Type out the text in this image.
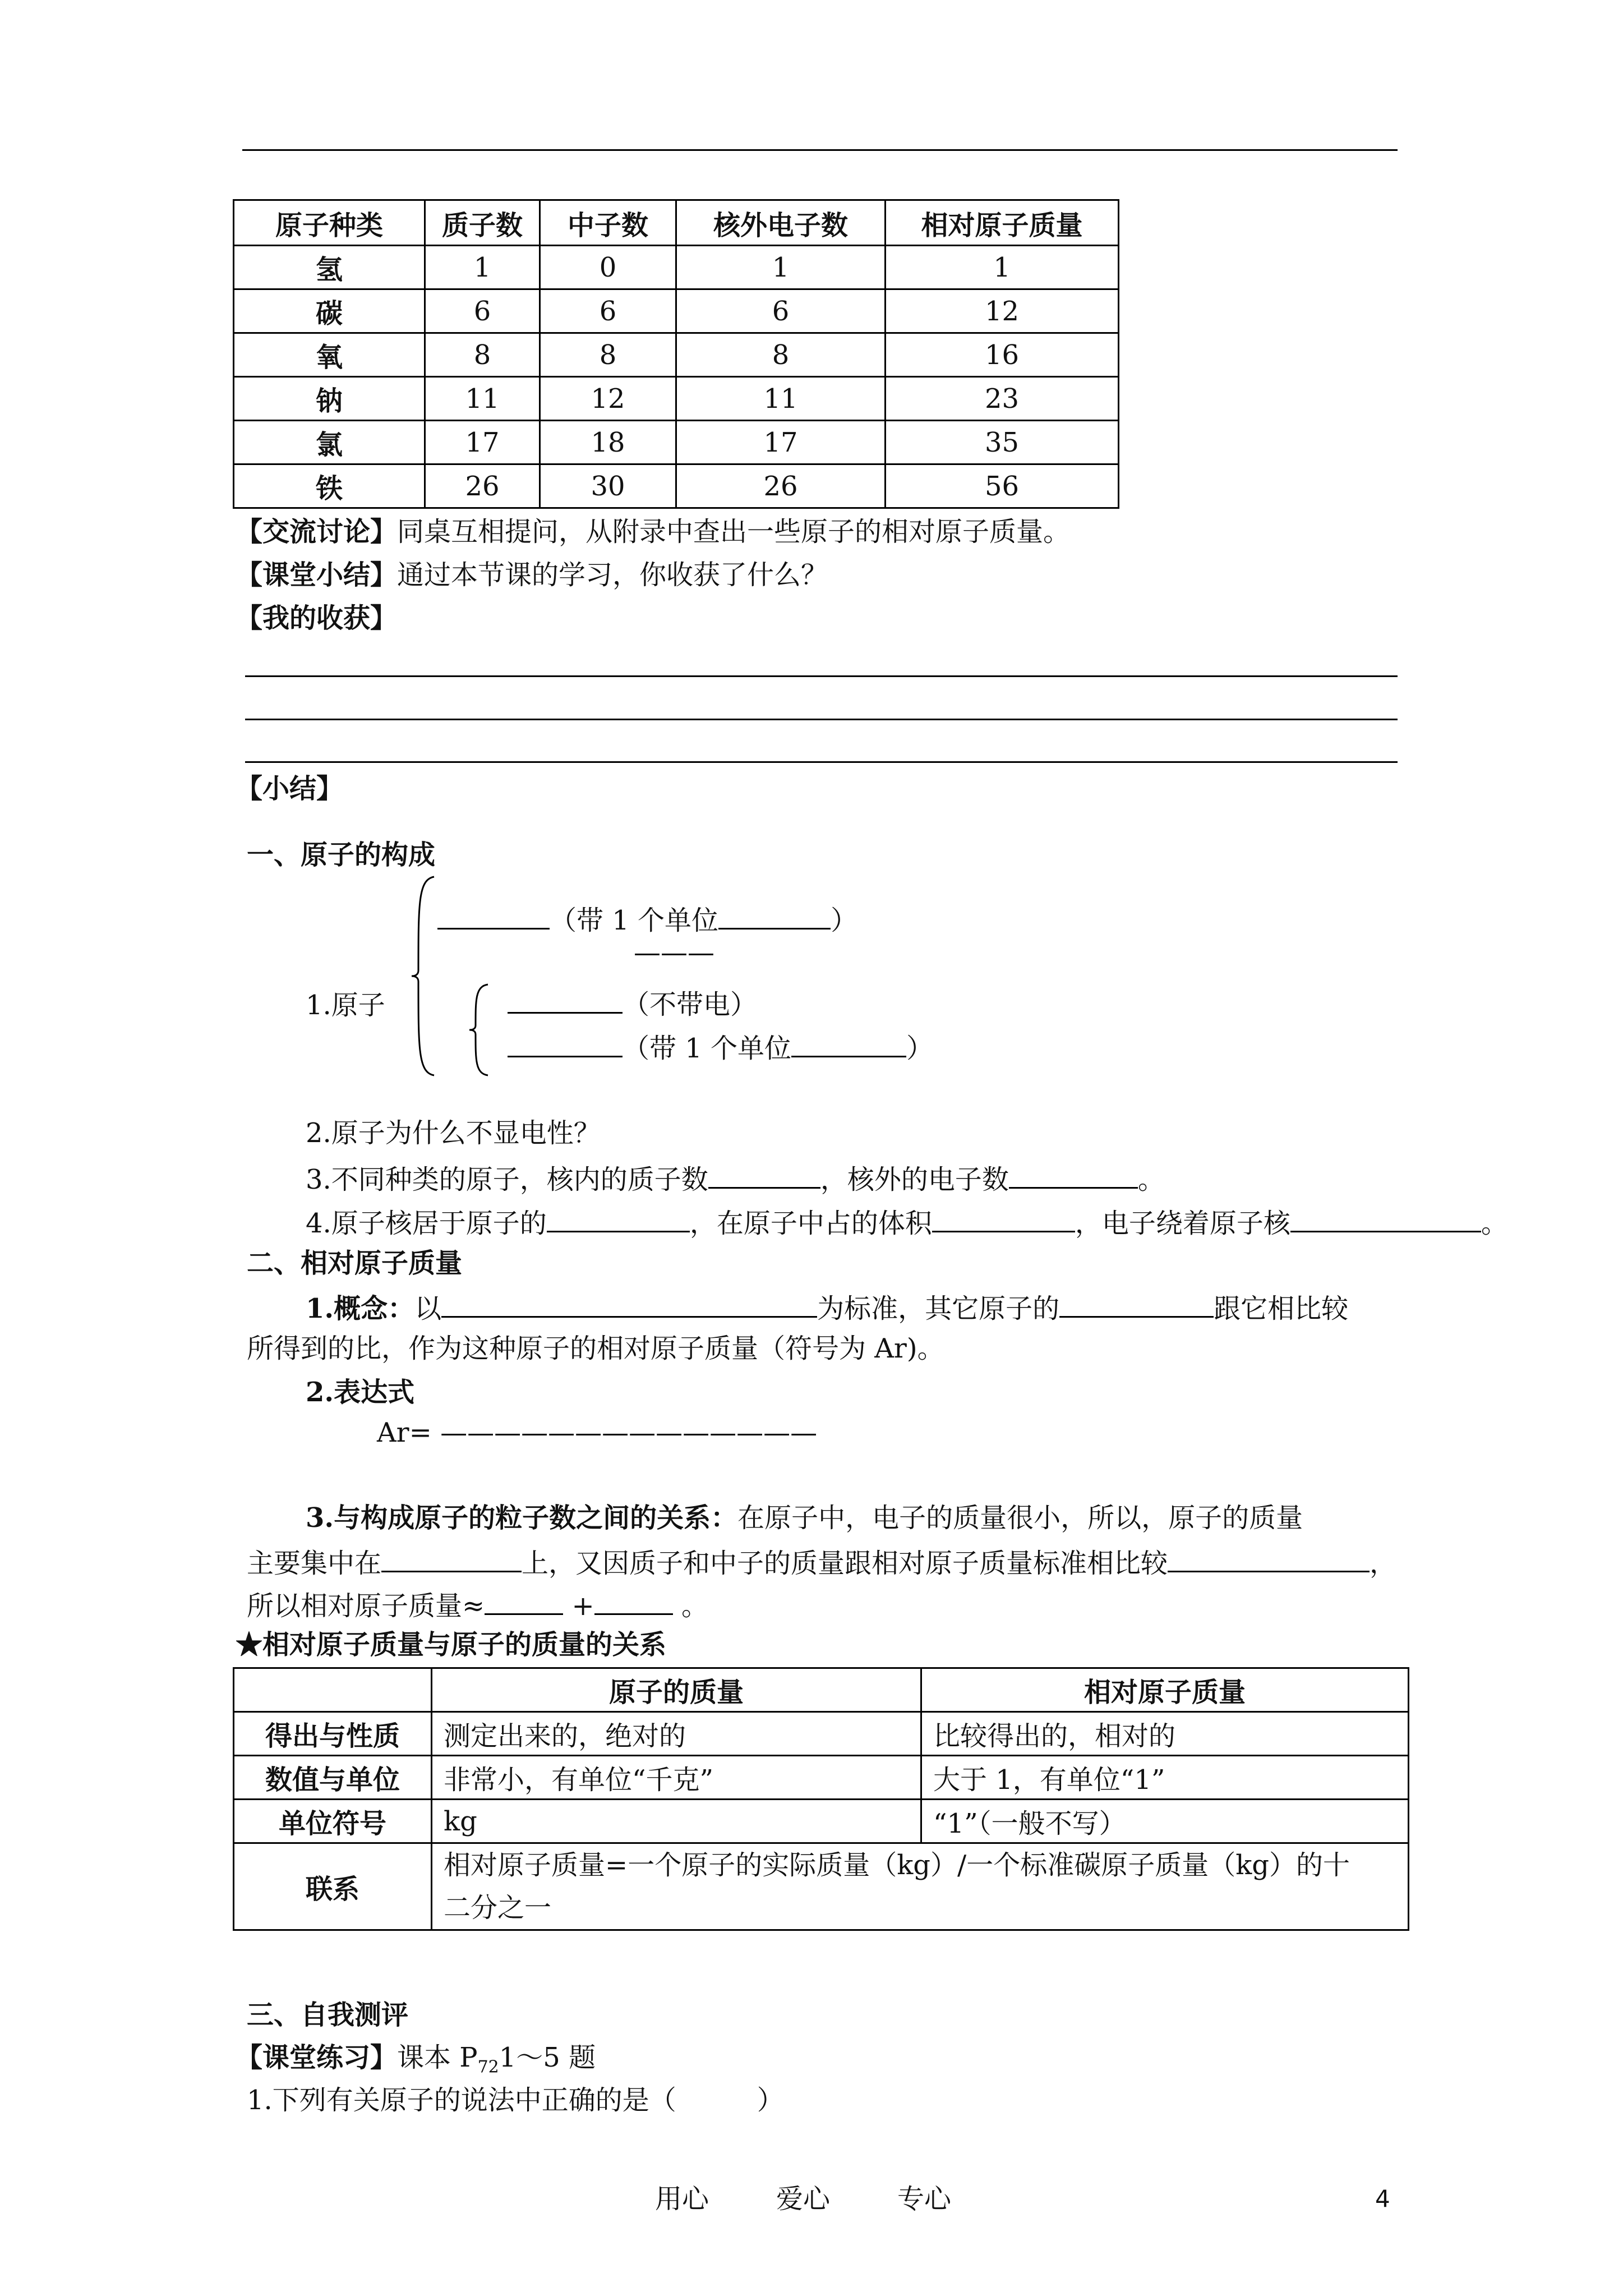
原子种类	质子数	中子数	核外电子数	相对原子质量
氢	1	0	1	1
碳	6	6	6	12
氧	8	8	8	16
钠	11	12	11	23
氯	17	18	17	35
铁	26	30	26	56
【交流讨论】同桌互相提问，从附录中查出一些原子的相对原子质量。
【课堂小结】通过本节课的学习，你收获了什么？
【我的收获】
【小结】
一、原子的构成
（带 1 个单位	）
———
1.原子	（不带电）
（带 1 个单位	）
2.原子为什么不显电性？
3.不同种类的原子，核内的质子数	，核外的电子数	。
4.原子核居于原子的	，在原子中占的体积	，电子绕着原子核	。
二、相对原子质量
1.概念：以	为标准，其它原子的	跟它相比较
所得到的比，作为这种原子的相对原子质量（符号为 Ar)。
2.表达式
Ar= ——————————————
3.与构成原子的粒子数之间的关系：在原子中，电子的质量很小，所以，原子的质量
主要集中在	上，又因质子和中子的质量跟相对原子质量标准相比较	，
所以相对原子质量≈	+	。
★相对原子质量与原子的质量的关系
	原子的质量	相对原子质量
得出与性质	测定出来的，绝对的	比较得出的，相对的
数值与单位	非常小，有单位“千克”	大于 1，有单位“1”
单位符号	kg	“1”（一般不写）
联系	相对原子质量=一个原子的实际质量（kg）/一个标准碳原子质量（kg）的十
二分之一	
三、自我测评
【课堂练习】课本 $P_{72}1\sim 5$ 题
1.下列有关原子的说法中正确的是（　　　）
用心	爱心	专心	4
